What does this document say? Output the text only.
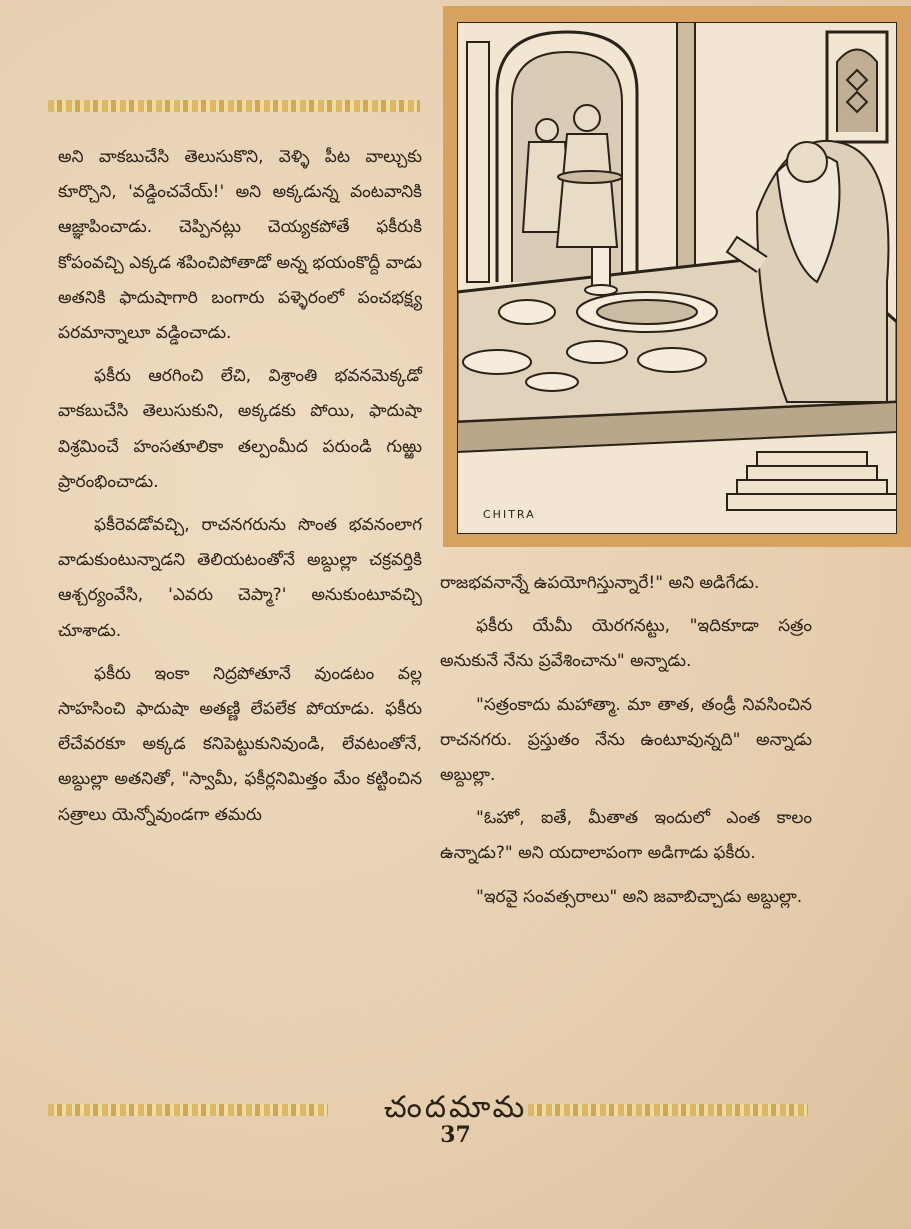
అని వాకబుచేసి తెలుసుకొని, వెళ్ళి పీట వాల్చుకు కూర్చొని, 'వడ్డించవేయ్!' అని అక్కడున్న వంటవానికి ఆజ్ఞాపించాడు. చెప్పినట్లు చెయ్యకపోతే ఫకీరుకి కోపంవచ్చి ఎక్కడ శపించిపోతాడో అన్న భయంకొద్దీ వాడు అతనికి ఫాదుషాగారి బంగారు పళ్ళెరంలో పంచభక్ష్య పరమాన్నాలూ వడ్డించాడు.

ఫకీరు ఆరగించి లేచి, విశ్రాంతి భవనమెక్కడో వాకబుచేసి తెలుసుకుని, అక్కడకు పోయి, ఫాదుషా విశ్రమించే హంసతూలికా తల్పంమీద పరుండి గుఱ్ఱు ప్రారంభించాడు.

ఫకీరెవడోవచ్చి, రాచనగరును సొంత భవనంలాగ వాడుకుంటున్నాడని తెలియటంతోనే అబ్దుల్లా చక్రవర్తికి ఆశ్చర్యంవేసి, 'ఎవరు చెప్మా?' అనుకుంటూవచ్చి చూశాడు.

ఫకీరు ఇంకా నిద్రపోతూనే వుండటం వల్ల సాహసించి ఫాదుషా అతణ్ణి లేపలేక పోయాడు. ఫకీరు లేచేవరకూ అక్కడ కనిపెట్టుకునివుండి, లేవటంతోనే, అబ్దుల్లా అతనితో, "స్వామీ, ఫకీర్లనిమిత్తం మేం కట్టించిన సత్రాలు యెన్నోవుండగా తమరు

CHITRA

రాజభవనాన్నే ఉపయోగిస్తున్నారే!" అని అడిగేడు.

ఫకీరు యేమీ యెరగనట్టు, "ఇదికూడా సత్రం అనుకునే నేను ప్రవేశించాను" అన్నాడు.

"సత్రంకాదు మహాత్మా. మా తాత, తండ్రీ నివసించిన రాచనగరు. ప్రస్తుతం నేను ఉంటూవున్నది" అన్నాడు అబ్దుల్లా.

"ఓహో, ఐతే, మీతాత ఇందులో ఎంత కాలం ఉన్నాడు?" అని యదాలాపంగా అడిగాడు ఫకీరు.

"ఇరవై సంవత్సరాలు" అని జవాబిచ్చాడు అబ్దుల్లా.

చందమామ
37
